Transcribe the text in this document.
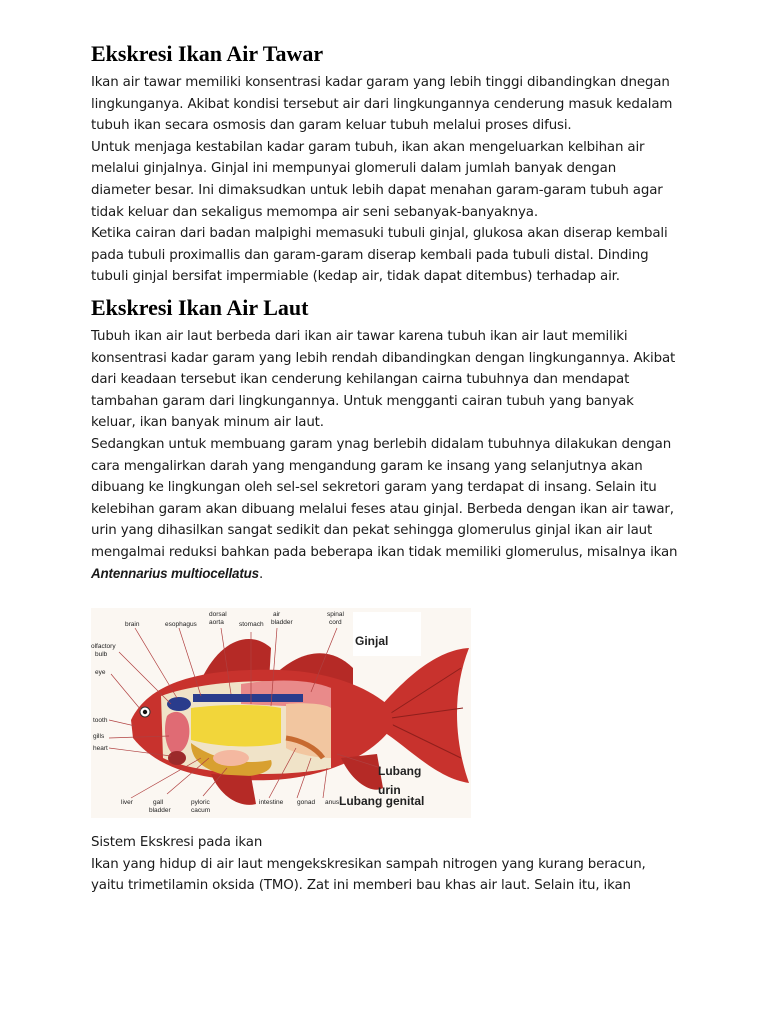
Ekskresi Ikan Air Tawar

Ikan air tawar memiliki konsentrasi kadar garam yang lebih tinggi dibandingkan dnegan lingkunganya. Akibat kondisi tersebut air dari lingkungannya cenderung masuk kedalam tubuh ikan secara osmosis dan garam keluar tubuh melalui proses difusi.

Untuk menjaga kestabilan kadar garam tubuh, ikan akan mengeluarkan kelbihan air melalui ginjalnya. Ginjal ini mempunyai glomeruli dalam jumlah banyak dengan diameter besar. Ini dimaksudkan untuk lebih dapat menahan garam-garam tubuh agar tidak keluar dan sekaligus memompa air seni sebanyak-banyaknya.

Ketika cairan dari badan malpighi memasuki tubuli ginjal, glukosa akan diserap kembali pada tubuli proximallis dan garam-garam diserap kembali pada tubuli distal. Dinding tubuli ginjal bersifat impermiable (kedap air, tidak dapat ditembus) terhadap air.

Ekskresi Ikan Air Laut

Tubuh ikan air laut berbeda dari ikan air tawar karena tubuh ikan air laut memiliki konsentrasi kadar garam yang lebih rendah dibandingkan dengan lingkungannya. Akibat dari keadaan tersebut ikan cenderung kehilangan cairna tubuhnya dan mendapat tambahan garam dari lingkungannya. Untuk mengganti cairan tubuh yang banyak keluar, ikan banyak minum air laut.

Sedangkan untuk membuang garam ynag berlebih didalam tubuhnya dilakukan dengan cara mengalirkan darah yang mengandung garam ke insang yang selanjutnya akan dibuang ke lingkungan oleh sel-sel sekretori garam yang terdapat di insang. Selain itu kelebihan garam akan dibuang melalui feses atau ginjal. Berbeda dengan ikan air tawar, urin yang dihasilkan sangat sedikit dan pekat sehingga glomerulus ginjal ikan air laut mengalmai reduksi bahkan pada beberapa ikan tidak memiliki glomerulus, misalnya ikan Antennarius multiocellatus.

brain	esophagus
dorsal
aorta stomach
air
bladder
spinal
cord
olfactory
bulb
eye
tooth
gills
heart
liver	gall
bladder
pyloric
cacum
intestine gonad anus
Ginjal
Lubang
urin
Lubang genital

Sistem Ekskresi pada ikan

Ikan yang hidup di air laut mengekskresikan sampah nitrogen yang kurang beracun, yaitu trimetilamin oksida (TMO). Zat ini memberi bau khas air laut. Selain itu, ikan
